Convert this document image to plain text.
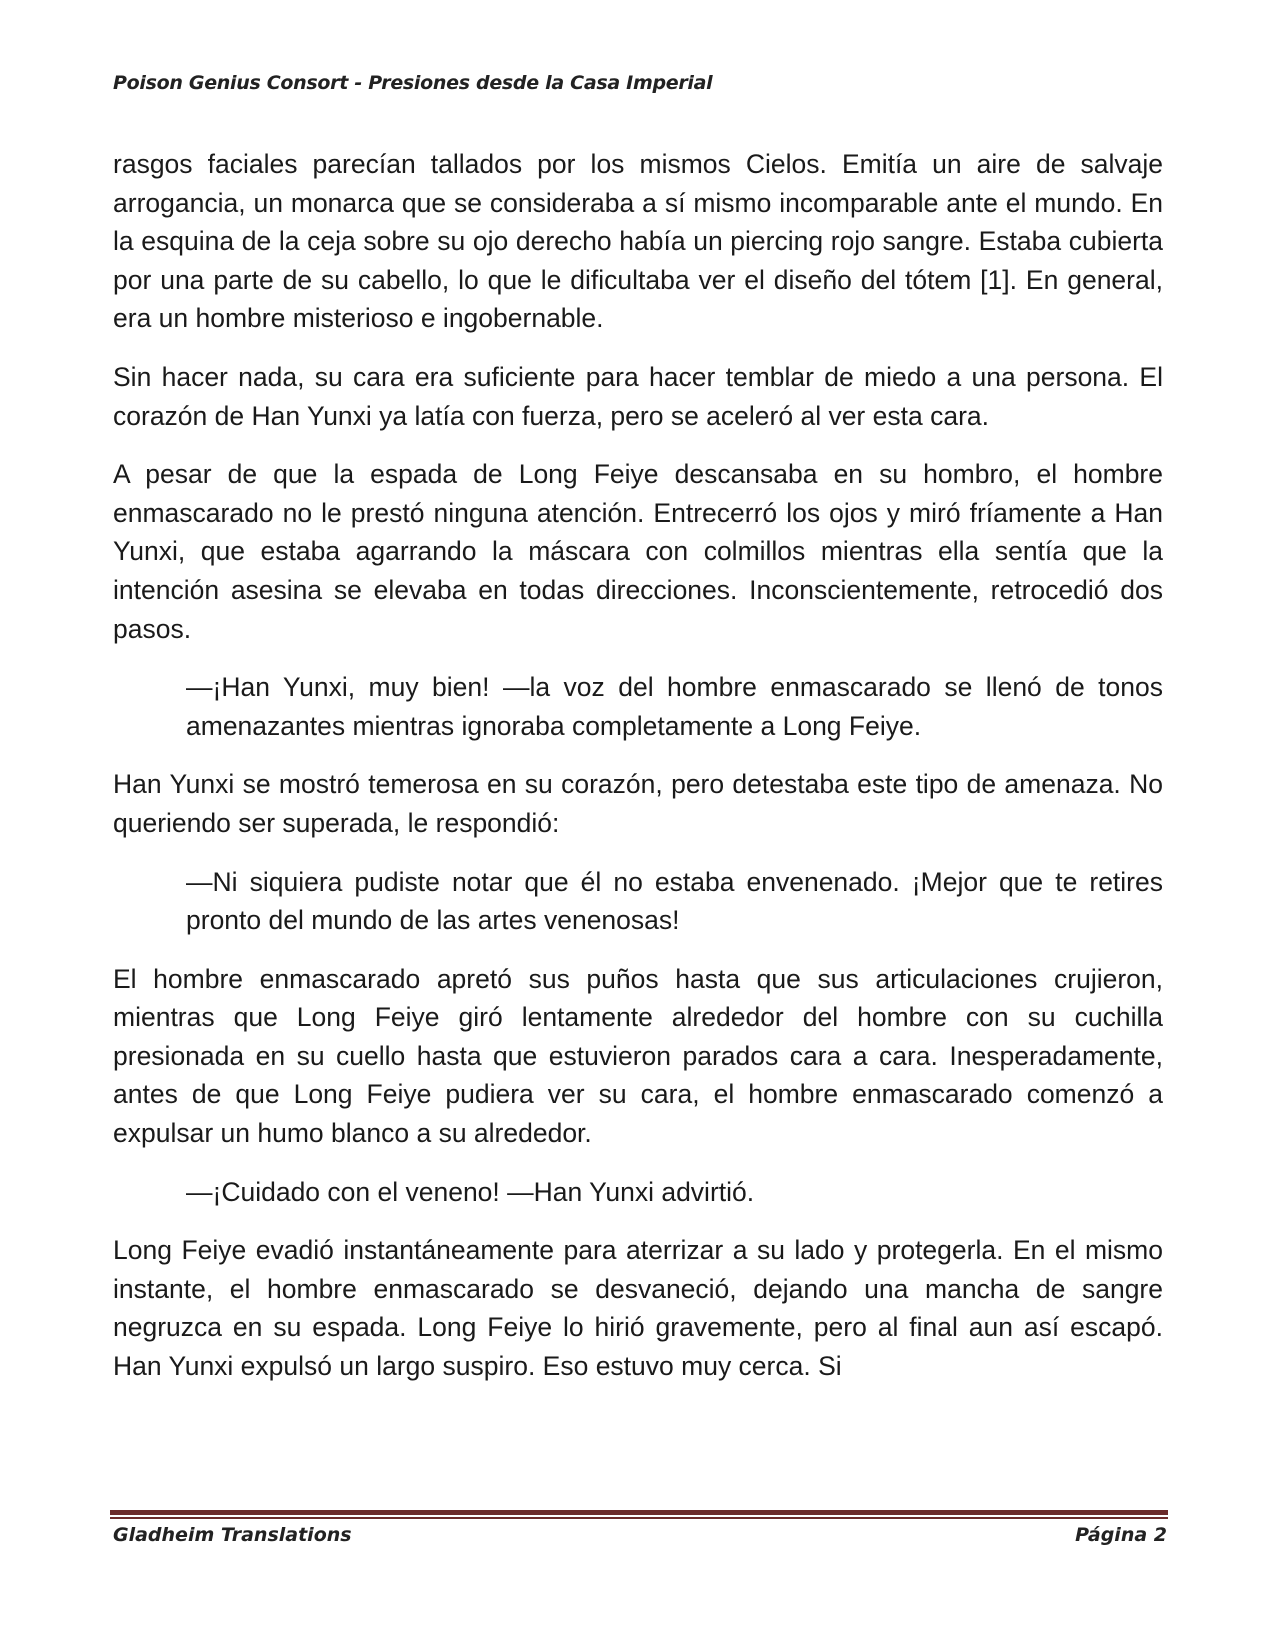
Poison Genius Consort - Presiones desde la Casa Imperial

rasgos faciales parecían tallados por los mismos Cielos. Emitía un aire de salvaje arrogancia, un monarca que se consideraba a sí mismo incomparable ante el mundo. En la esquina de la ceja sobre su ojo derecho había un piercing rojo sangre. Estaba cubierta por una parte de su cabello, lo que le dificultaba ver el diseño del tótem [1]. En general, era un hombre misterioso e ingobernable.

Sin hacer nada, su cara era suficiente para hacer temblar de miedo a una persona. El corazón de Han Yunxi ya latía con fuerza, pero se aceleró al ver esta cara.

A pesar de que la espada de Long Feiye descansaba en su hombro, el hombre enmascarado no le prestó ninguna atención. Entrecerró los ojos y miró fríamente a Han Yunxi, que estaba agarrando la máscara con colmillos mientras ella sentía que la intención asesina se elevaba en todas direcciones. Inconscientemente, retrocedió dos pasos.

—¡Han Yunxi, muy bien! —la voz del hombre enmascarado se llenó de tonos amenazantes mientras ignoraba completamente a Long Feiye.

Han Yunxi se mostró temerosa en su corazón, pero detestaba este tipo de amenaza. No queriendo ser superada, le respondió:

—Ni siquiera pudiste notar que él no estaba envenenado. ¡Mejor que te retires pronto del mundo de las artes venenosas!

El hombre enmascarado apretó sus puños hasta que sus articulaciones crujieron, mientras que Long Feiye giró lentamente alrededor del hombre con su cuchilla presionada en su cuello hasta que estuvieron parados cara a cara. Inesperadamente, antes de que Long Feiye pudiera ver su cara, el hombre enmascarado comenzó a expulsar un humo blanco a su alrededor.

—¡Cuidado con el veneno! —Han Yunxi advirtió.

Long Feiye evadió instantáneamente para aterrizar a su lado y protegerla. En el mismo instante, el hombre enmascarado se desvaneció, dejando una mancha de sangre negruzca en su espada. Long Feiye lo hirió gravemente, pero al final aun así escapó. Han Yunxi expulsó un largo suspiro. Eso estuvo muy cerca. Si

Gladheim Translations	Página 2
